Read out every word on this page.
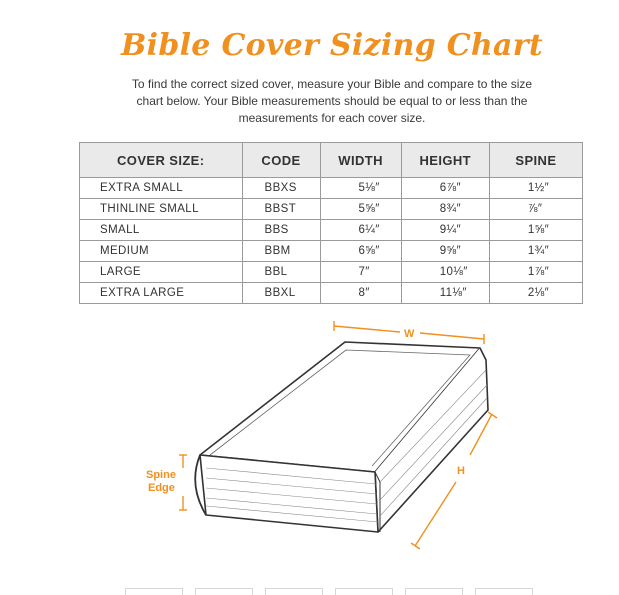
Bible Cover Sizing Chart
To find the correct sized cover, measure your Bible and compare to the size chart below. Your Bible measurements should be equal to or less than the measurements for each cover size.
COVER SIZE:	CODE	WIDTH	HEIGHT	SPINE
EXTRA SMALL	BBXS	5⅛″	6⅞″	1½″
THINLINE SMALL	BBST	5⅝″	8¾″	⅞″
SMALL	BBS	6¼″	9¼″	1⅝″
MEDIUM	BBM	6⅝″	9⅝″	1¾″
LARGE	BBL	7″	10⅛″	1⅞″
EXTRA LARGE	BBXL	8″	11⅛″	2⅛″
W
H
Spine
Edge
